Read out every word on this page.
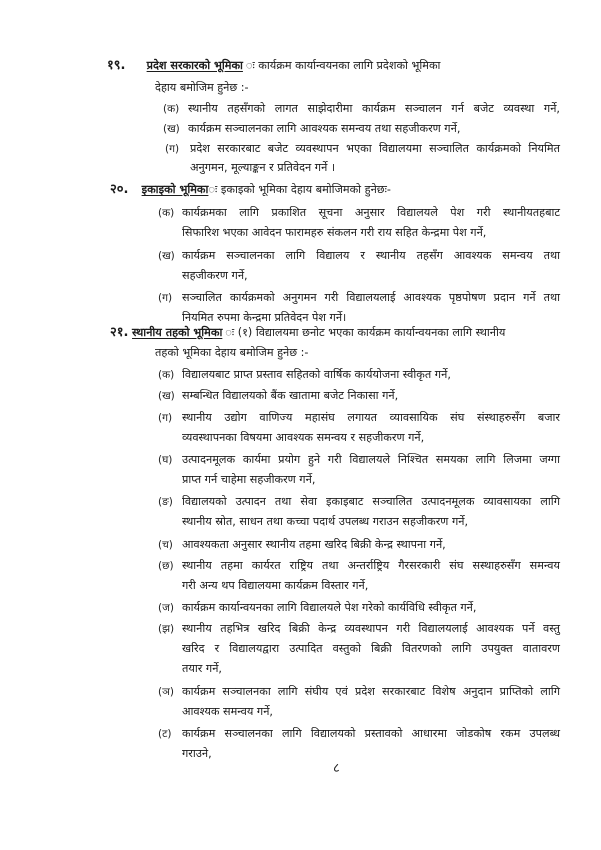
१९. प्रदेश सरकारको भूमिका ः कार्यक्रम कार्यान्वयनका लागि प्रदेशको भूमिका
देहाय बमोजिम हुनेछ :-
(क) स्थानीय तहसँगको लागत साझेदारीमा कार्यक्रम सञ्चालन गर्न बजेट व्यवस्था गर्ने,
(ख) कार्यक्रम सञ्चालनका लागि आवश्यक समन्वय तथा सहजीकरण गर्ने,
(ग) प्रदेश सरकारबाट बजेट व्यवस्थापन भएका विद्यालयमा सञ्चालित कार्यक्रमको नियमित
अनुगमन, मूल्याङ्कन र प्रतिवेदन गर्ने ।
२०. इकाइको भूमिकाः इकाइको भूमिका देहाय बमोजिमको हुनेछः-
(क) कार्यक्रमका लागि प्रकाशित सूचना अनुसार विद्यालयले पेश गरी स्थानीयतहबाट
सिफारिश भएका आवेदन फारामहरु संकलन गरी राय सहित केन्द्रमा पेश गर्ने,
(ख) कार्यक्रम सञ्चालनका लागि विद्यालय र स्थानीय तहसँग आवश्यक समन्वय तथा
सहजीकरण गर्ने,
(ग) सञ्चालित कार्यक्रमको अनुगमन गरी विद्यालयलाई आवश्यक पृष्ठपोषण प्रदान गर्ने तथा
नियमित रुपमा केन्द्रमा प्रतिवेदन पेश गर्ने।
२१. स्थानीय तहको भूमिका ः (१) विद्यालयमा छनोट भएका कार्यक्रम कार्यान्वयनका लागि स्थानीय
तहको भूमिका देहाय बमोजिम हुनेछ :-
(क) विद्यालयबाट प्राप्त प्रस्ताव सहितको वार्षिक कार्ययोजना स्वीकृत गर्ने,
(ख) सम्बन्धित विद्यालयको बैंक खातामा बजेट निकासा गर्ने,
(ग) स्थानीय उद्योग वाणिज्य महासंघ लगायत व्यावसायिक संघ संस्थाहरुसँग बजार
व्यवस्थापनका विषयमा आवश्यक समन्वय र सहजीकरण गर्ने,
(घ) उत्पादनमूलक कार्यमा प्रयोग हुने गरी विद्यालयले निश्चित समयका लागि लिजमा जग्गा
प्राप्त गर्न चाहेमा सहजीकरण गर्ने,
(ङ) विद्यालयको उत्पादन तथा सेवा इकाइबाट सञ्चालित उत्पादनमूलक व्यावसायका लागि
स्थानीय स्रोत, साधन तथा कच्चा पदार्थ उपलब्ध गराउन सहजीकरण गर्ने,
(च) आवश्यकता अनुसार स्थानीय तहमा खरिद बिक्री केन्द्र स्थापना गर्ने,
(छ) स्थानीय तहमा कार्यरत राष्ट्रिय तथा अन्तर्राष्ट्रिय गैरसरकारी संघ सस्थाहरुसँग समन्वय
गरी अन्य थप विद्यालयमा कार्यक्रम विस्तार गर्ने,
(ज) कार्यक्रम कार्यान्वयनका लागि विद्यालयले पेश गरेको कार्यविधि स्वीकृत गर्ने,
(झ) स्थानीय तहभित्र खरिद बिक्री केन्द्र व्यवस्थापन गरी विद्यालयलाई आवश्यक पर्ने वस्तु
खरिद र विद्यालयद्वारा उत्पादित वस्तुको बिक्री वितरणको लागि उपयुक्त वातावरण
तयार गर्ने,
(ञ) कार्यक्रम सञ्चालनका लागि संघीय एवं प्रदेश सरकारबाट विशेष अनुदान प्राप्तिको लागि
आवश्यक समन्वय गर्ने,
(ट) कार्यक्रम सञ्चालनका लागि विद्यालयको प्रस्तावको आधारमा जोडकोष रकम उपलब्ध
गराउने,
८
